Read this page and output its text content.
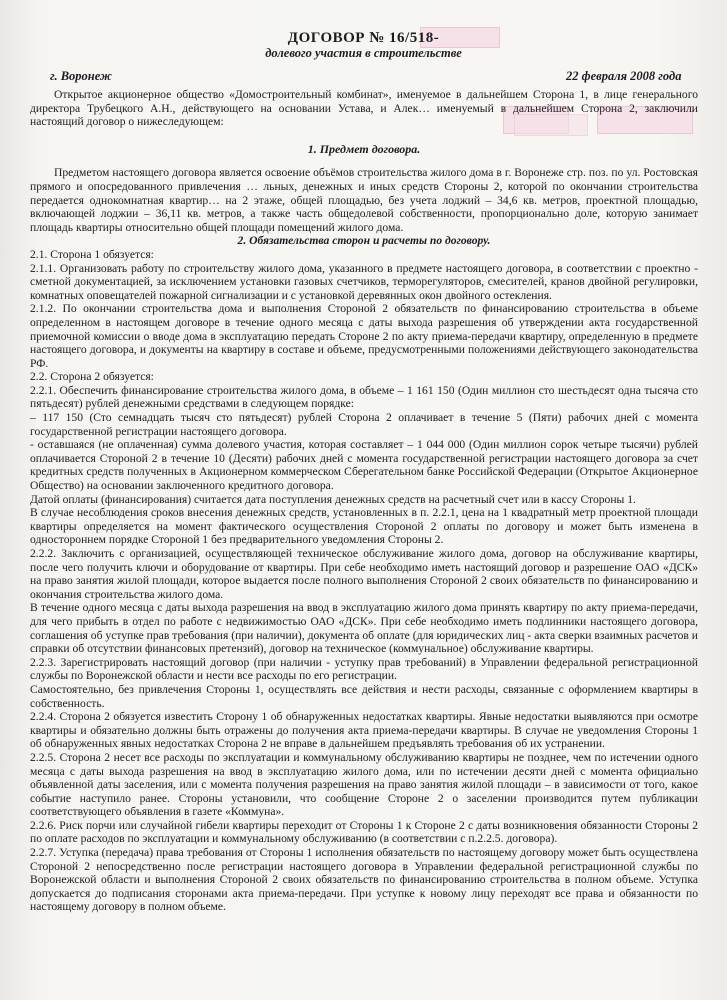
ДОГОВОР № 16/518-
долевого участия в строительстве
г. Воронеж	22 февраля 2008 года

Открытое акционерное общество «Домостроительный комбинат», именуемое в дальнейшем Сторона 1, в лице генерального директора Трубецкого А.Н., действующего на основании Устава, и Алек… именуемый в дальнейшем Сторона 2, заключили настоящий договор о нижеследующем:

1. Предмет договора.

Предметом настоящего договора является освоение объёмов строительства жилого дома в г. Воронеже стр. поз. по ул. Ростовская прямого и опосредованного привлечения … льных, денежных и иных средств Стороны 2, которой по окончании строительства передается однокомнатная квартир… на 2 этаже, общей площадью, без учета лоджий – 34,6 кв. метров, проектной площадью, включающей лоджии – 36,11 кв. метров, а также часть общедолевой собственности, пропорционально доле, которую занимает площадь квартиры относительно общей площади помещений жилого дома.

2. Обязательства сторон и расчеты по договору.

2.1. Сторона 1 обязуется:

2.1.1. Организовать работу по строительству жилого дома, указанного в предмете настоящего договора, в соответствии с проектно - сметной документацией, за исключением установки газовых счетчиков, терморегуляторов, смесителей, кранов двойной регулировки, комнатных оповещателей пожарной сигнализации и с установкой деревянных окон двойного остекления.

2.1.2. По окончании строительства дома и выполнения Стороной 2 обязательств по финансированию строительства в объеме определенном в настоящем договоре в течение одного месяца с даты выхода разрешения об утверждении акта государственной приемочной комиссии о вводе дома в эксплуатацию передать Стороне 2 по акту приема-передачи квартиру, определенную в предмете настоящего договора, и документы на квартиру в составе и объеме, предусмотренными положениями действующего законодательства РФ.

2.2. Сторона 2 обязуется:

2.2.1. Обеспечить финансирование строительства жилого дома, в объеме – 1 161 150 (Один миллион сто шестьдесят одна тысяча сто пятьдесят) рублей денежными средствами в следующем порядке:

– 117 150 (Сто семнадцать тысяч сто пятьдесят) рублей Сторона 2 оплачивает в течение 5 (Пяти) рабочих дней с момента государственной регистрации настоящего договора.

- оставшаяся (не оплаченная) сумма долевого участия, которая составляет – 1 044 000 (Один миллион сорок четыре тысячи) рублей оплачивается Стороной 2 в течение 10 (Десяти) рабочих дней с момента государственной регистрации настоящего договора за счет кредитных средств полученных в Акционерном коммерческом Сберегательном банке Российской Федерации (Открытое Акционерное Общество) на основании заключенного кредитного договора.

Датой оплаты (финансирования) считается дата поступления денежных средств на расчетный счет или в кассу Стороны 1.

В случае несоблюдения сроков внесения денежных средств, установленных в п. 2.2.1, цена на 1 квадратный метр проектной площади квартиры определяется на момент фактического осуществления Стороной 2 оплаты по договору и может быть изменена в одностороннем порядке Стороной 1 без предварительного уведомления Стороны 2.

2.2.2. Заключить с организацией, осуществляющей техническое обслуживание жилого дома, договор на обслуживание квартиры, после чего получить ключи и оборудование от квартиры. При себе необходимо иметь настоящий договор и разрешение ОАО «ДСК» на право занятия жилой площади, которое выдается после полного выполнения Стороной 2 своих обязательств по финансированию и окончания строительства жилого дома.

В течение одного месяца с даты выхода разрешения на ввод в эксплуатацию жилого дома принять квартиру по акту приема-передачи, для чего прибыть в отдел по работе с недвижимостью ОАО «ДСК». При себе необходимо иметь подлинники настоящего договора, соглашения об уступке прав требования (при наличии), документа об оплате (для юридических лиц - акта сверки взаимных расчетов и справки об отсутствии финансовых претензий), договор на техническое (коммунальное) обслуживание квартиры.

2.2.3. Зарегистрировать настоящий договор (при наличии - уступку прав требований) в Управлении федеральной регистрационной службы по Воронежской области и нести все расходы по его регистрации.

Самостоятельно, без привлечения Стороны 1, осуществлять все действия и нести расходы, связанные с оформлением квартиры в собственность.

2.2.4. Сторона 2 обязуется известить Сторону 1 об обнаруженных недостатках квартиры. Явные недостатки выявляются при осмотре квартиры и обязательно должны быть отражены до получения акта приема-передачи квартиры. В случае не уведомления Стороны 1 об обнаруженных явных недостатках Сторона 2 не вправе в дальнейшем предъявлять требования об их устранении.

2.2.5. Сторона 2 несет все расходы по эксплуатации и коммунальному обслуживанию квартиры не позднее, чем по истечении одного месяца с даты выхода разрешения на ввод в эксплуатацию жилого дома, или по истечении десяти дней с момента официально объявленной даты заселения, или с момента получения разрешения на право занятия жилой площади – в зависимости от того, какое событие наступило ранее. Стороны установили, что сообщение Стороне 2 о заселении производится путем публикации соответствующего объявления в газете «Коммуна».

2.2.6. Риск порчи или случайной гибели квартиры переходит от Стороны 1 к Стороне 2 с даты возникновения обязанности Стороны 2 по оплате расходов по эксплуатации и коммунальному обслуживанию (в соответствии с п.2.2.5. договора).

2.2.7. Уступка (передача) права требования от Стороны 1 исполнения обязательств по настоящему договору может быть осуществлена Стороной 2 непосредственно после регистрации настоящего договора в Управлении федеральной регистрационной службы по Воронежской области и выполнения Стороной 2 своих обязательств по финансированию строительства в полном объеме. Уступка допускается до подписания сторонами акта приема-передачи. При уступке к новому лицу переходят все права и обязанности по настоящему договору в полном объеме.
